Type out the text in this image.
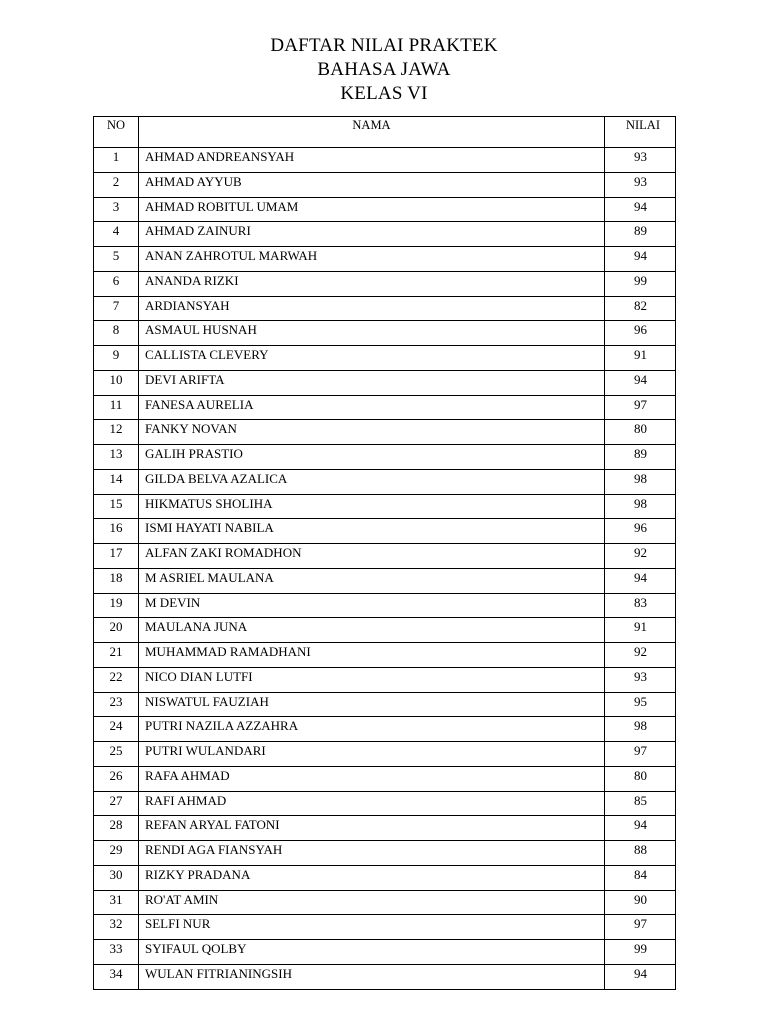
DAFTAR NILAI PRAKTEK
BAHASA JAWA
KELAS VI
NO	NAMA	NILAI
1	AHMAD ANDREANSYAH	93
2	AHMAD AYYUB	93
3	AHMAD ROBITUL UMAM	94
4	AHMAD ZAINURI	89
5	ANAN ZAHROTUL MARWAH	94
6	ANANDA RIZKI	99
7	ARDIANSYAH	82
8	ASMAUL HUSNAH	96
9	CALLISTA CLEVERY	91
10	DEVI ARIFTA	94
11	FANESA AURELIA	97
12	FANKY NOVAN	80
13	GALIH PRASTIO	89
14	GILDA BELVA AZALICA	98
15	HIKMATUS SHOLIHA	98
16	ISMI HAYATI NABILA	96
17	ALFAN ZAKI ROMADHON	92
18	M ASRIEL MAULANA	94
19	M DEVIN	83
20	MAULANA JUNA	91
21	MUHAMMAD RAMADHANI	92
22	NICO DIAN LUTFI	93
23	NISWATUL FAUZIAH	95
24	PUTRI NAZILA AZZAHRA	98
25	PUTRI WULANDARI	97
26	RAFA AHMAD	80
27	RAFI AHMAD	85
28	REFAN ARYAL FATONI	94
29	RENDI AGA FIANSYAH	88
30	RIZKY PRADANA	84
31	RO'AT AMIN	90
32	SELFI NUR	97
33	SYIFAUL QOLBY	99
34	WULAN FITRIANINGSIH	94
